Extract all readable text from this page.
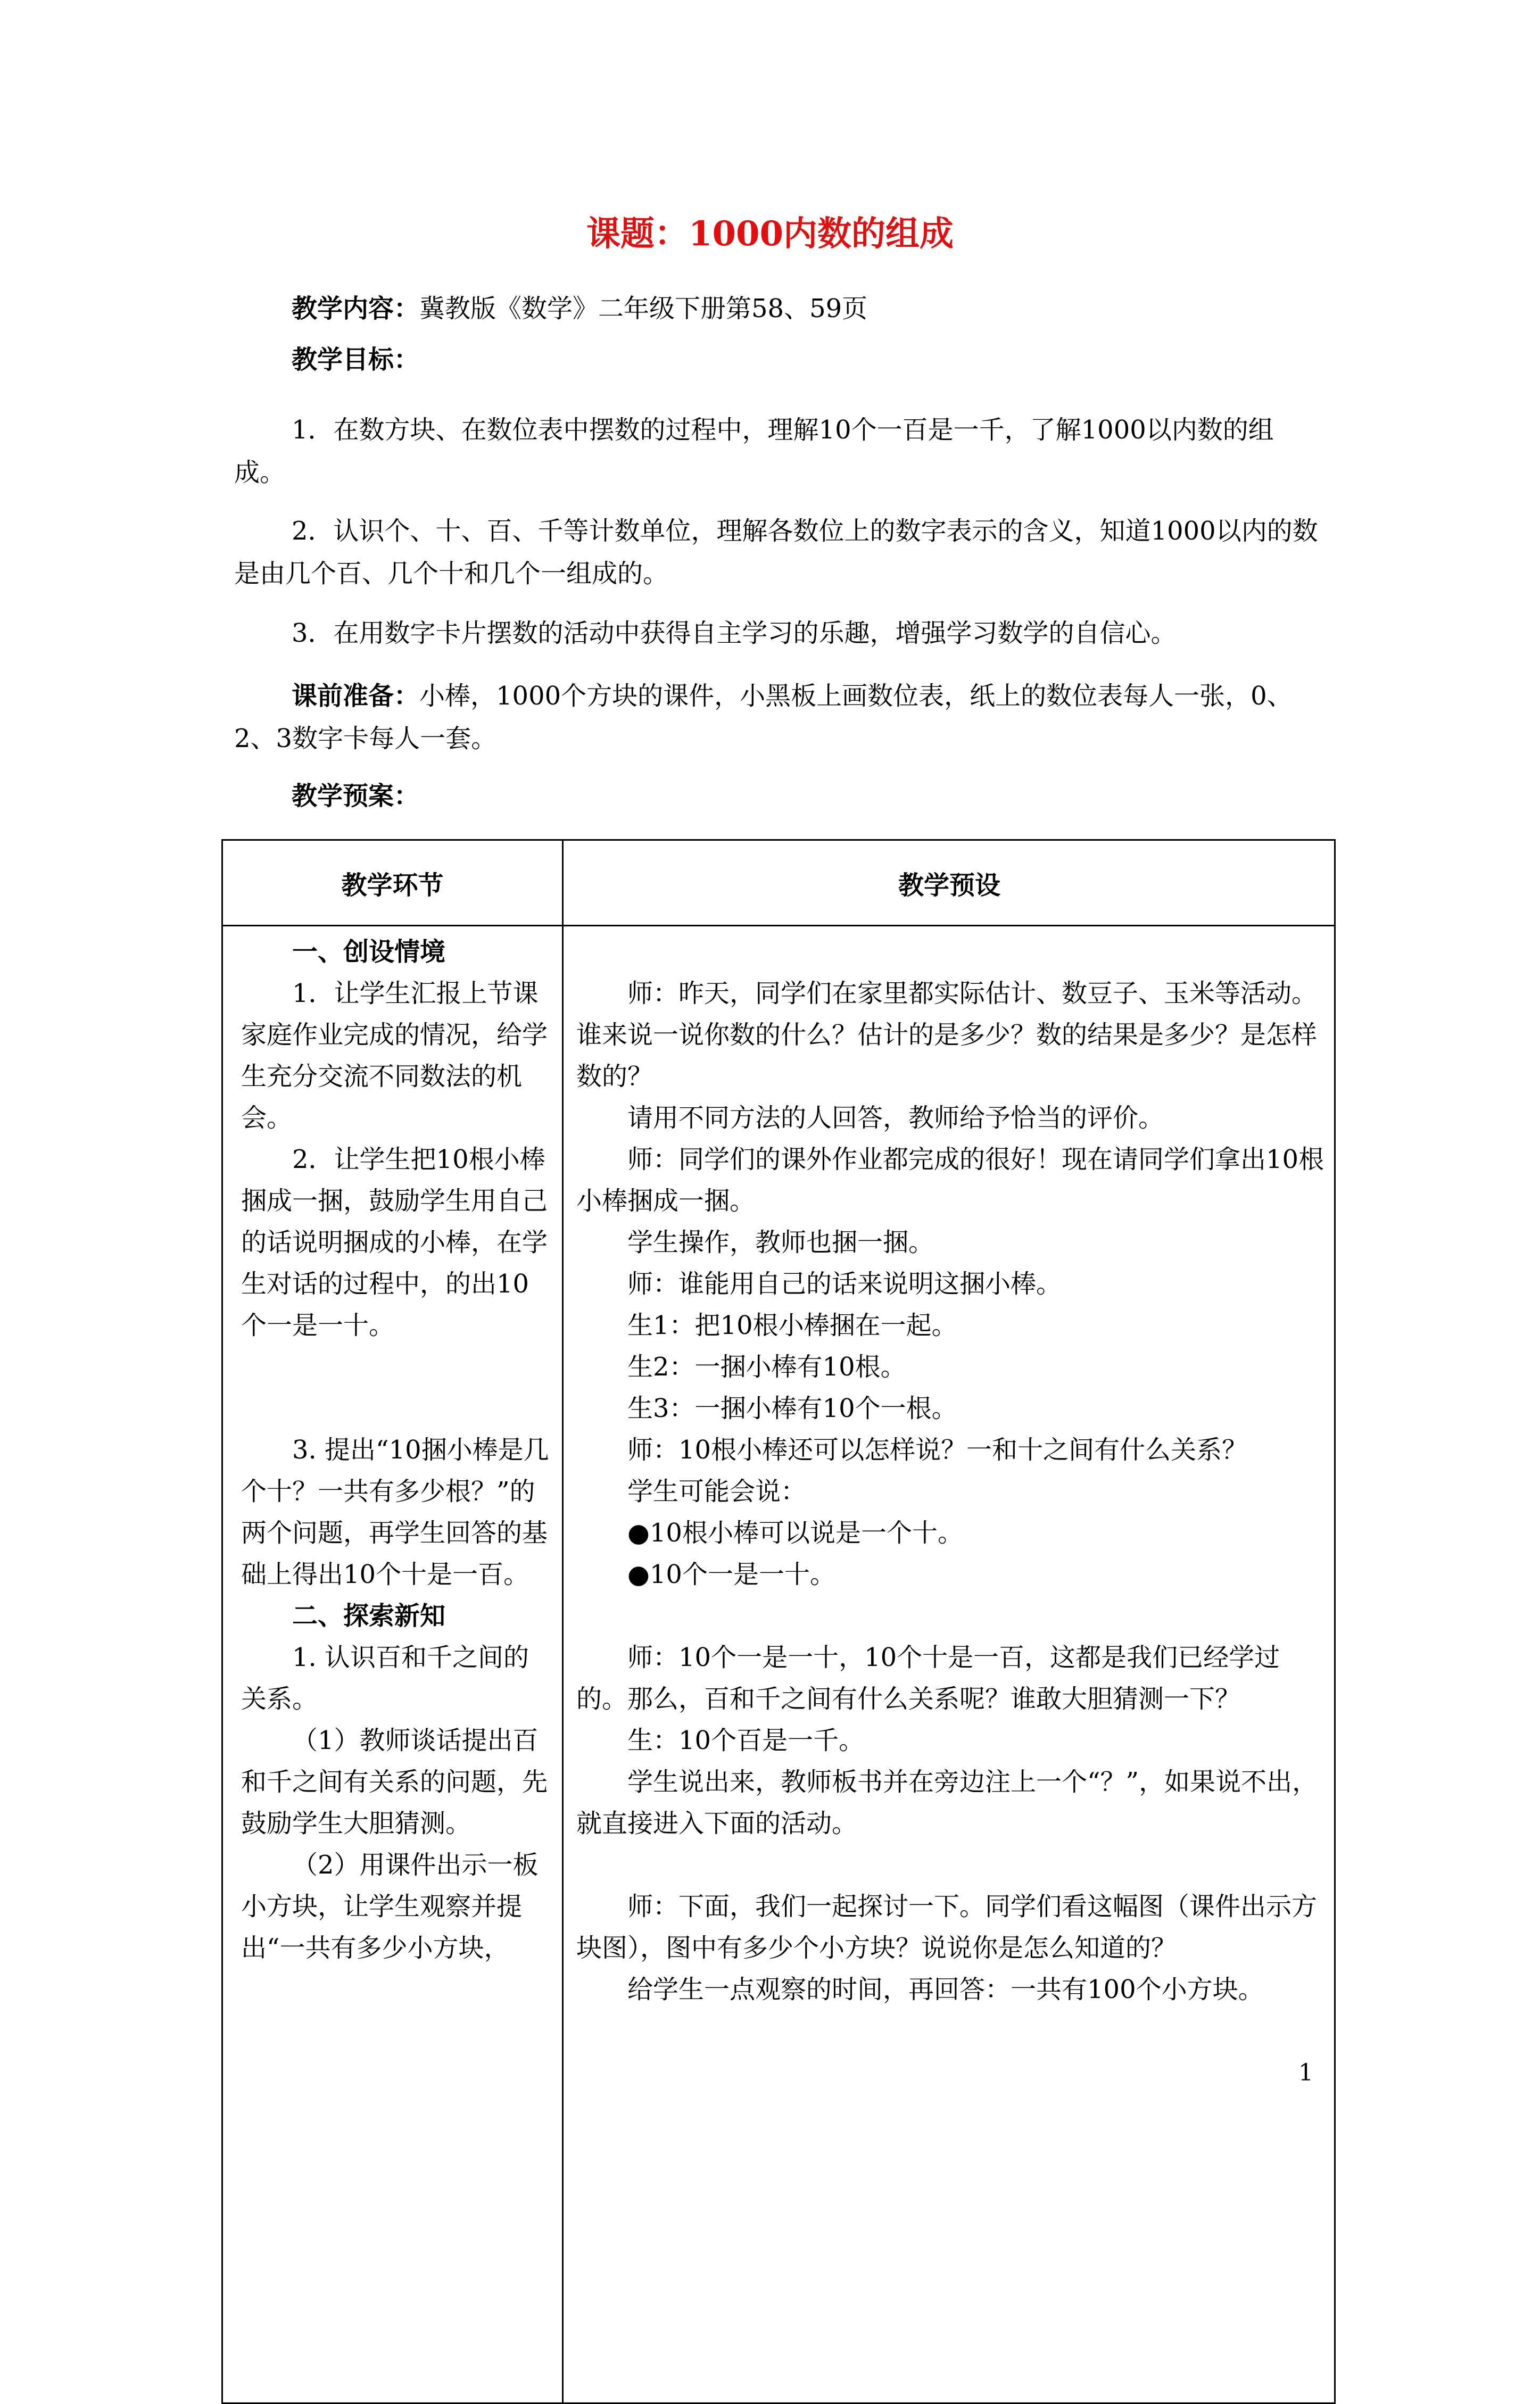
课题：1000内数的组成
教学内容：冀教版《数学》二年级下册第58、59页
教学目标：
1．在数方块、在数位表中摆数的过程中，理解10个一百是一千，了解1000以内数的组成。
2．认识个、十、百、千等计数单位，理解各数位上的数字表示的含义，知道1000以内的数是由几个百、几个十和几个一组成的。
3．在用数字卡片摆数的活动中获得自主学习的乐趣，增强学习数学的自信心。
课前准备：小棒，1000个方块的课件，小黑板上画数位表，纸上的数位表每人一张，0、2、3数字卡每人一套。
教学预案：
教学环节	教学预设
一、创设情境
1．让学生汇报上节课家庭作业完成的情况，给学生充分交流不同数法的机会。
2．让学生把10根小棒捆成一捆，鼓励学生用自己的话说明捆成的小棒，在学生对话的过程中，的出10个一是一十。
3. 提出“10捆小棒是几个十？一共有多少根？”的两个问题，再学生回答的基础上得出10个十是一百。
二、探索新知
1. 认识百和千之间的关系。
（1）教师谈话提出百和千之间有关系的问题，先鼓励学生大胆猜测。
（2）用课件出示一板小方块，让学生观察并提出“一共有多少小方块，
师：昨天，同学们在家里都实际估计、数豆子、玉米等活动。谁来说一说你数的什么？估计的是多少？数的结果是多少？是怎样数的？
请用不同方法的人回答，教师给予恰当的评价。
师：同学们的课外作业都完成的很好！现在请同学们拿出10根小棒捆成一捆。
学生操作，教师也捆一捆。
师：谁能用自己的话来说明这捆小棒。
生1：把10根小棒捆在一起。
生2：一捆小棒有10根。
生3：一捆小棒有10个一根。
师：10根小棒还可以怎样说？一和十之间有什么关系？
学生可能会说：
●10根小棒可以说是一个十。
●10个一是一十。
师：10个一是一十，10个十是一百，这都是我们已经学过的。那么，百和千之间有什么关系呢？谁敢大胆猜测一下？
生：10个百是一千。
学生说出来，教师板书并在旁边注上一个“？”，如果说不出，就直接进入下面的活动。
师：下面，我们一起探讨一下。同学们看这幅图（课件出示方块图），图中有多少个小方块？说说你是怎么知道的？
给学生一点观察的时间，再回答：一共有100个小方块。
1
